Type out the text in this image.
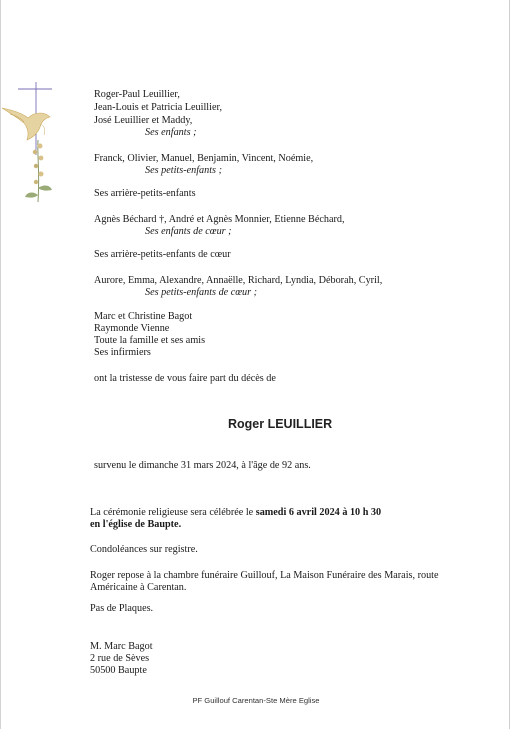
Roger-Paul Leuillier,
Jean-Louis et Patricia Leuillier,
José Leuillier et Maddy,
Ses enfants ;
Franck, Olivier, Manuel, Benjamin, Vincent, Noémie,
Ses petits-enfants ;
Ses arrière-petits-enfants
Agnès Béchard †, André et Agnès Monnier, Etienne Béchard,
Ses enfants de cœur ;
Ses arrière-petits-enfants de cœur
Aurore, Emma, Alexandre, Annaëlle, Richard, Lyndia, Déborah, Cyril,
Ses petits-enfants de cœur ;
Marc et Christine Bagot
Raymonde Vienne
Toute la famille et ses amis
Ses infirmiers
ont la tristesse de vous faire part du décès de
Roger LEUILLIER
survenu le dimanche 31 mars 2024, à l'âge de 92 ans.
La cérémonie religieuse sera célébrée le samedi 6 avril 2024 à 10 h 30
en l'église de Baupte.
Condoléances sur registre.
Roger repose à la chambre funéraire Guillouf, La Maison Funéraire des Marais, route
Américaine à Carentan.
Pas de Plaques.
M. Marc Bagot
2 rue de Sèves
50500 Baupte
PF Guillouf Carentan-Ste Mère Eglise
